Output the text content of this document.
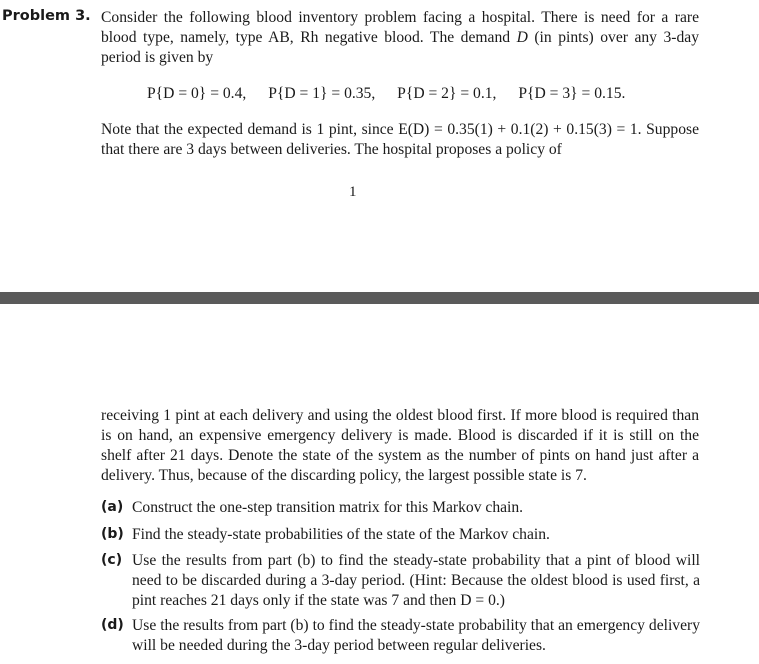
Problem 3. Consider the following blood inventory problem facing a hospital. There is need for a rare blood type, namely, type AB, Rh negative blood. The demand D (in pints) over any 3-day period is given by
P{D = 0} = 0.4, P{D = 1} = 0.35, P{D = 2} = 0.1, P{D = 3} = 0.15.
Note that the expected demand is 1 pint, since E(D) = 0.35(1) + 0.1(2) + 0.15(3) = 1. Suppose that there are 3 days between deliveries. The hospital proposes a policy of
1
receiving 1 pint at each delivery and using the oldest blood first. If more blood is required than is on hand, an expensive emergency delivery is made. Blood is discarded if it is still on the shelf after 21 days. Denote the state of the system as the number of pints on hand just after a delivery. Thus, because of the discarding policy, the largest possible state is 7.
(a) Construct the one-step transition matrix for this Markov chain.
(b) Find the steady-state probabilities of the state of the Markov chain.
(c) Use the results from part (b) to find the steady-state probability that a pint of blood will need to be discarded during a 3-day period. (Hint: Because the oldest blood is used first, a pint reaches 21 days only if the state was 7 and then D = 0.)
(d) Use the results from part (b) to find the steady-state probability that an emergency delivery will be needed during the 3-day period between regular deliveries.
